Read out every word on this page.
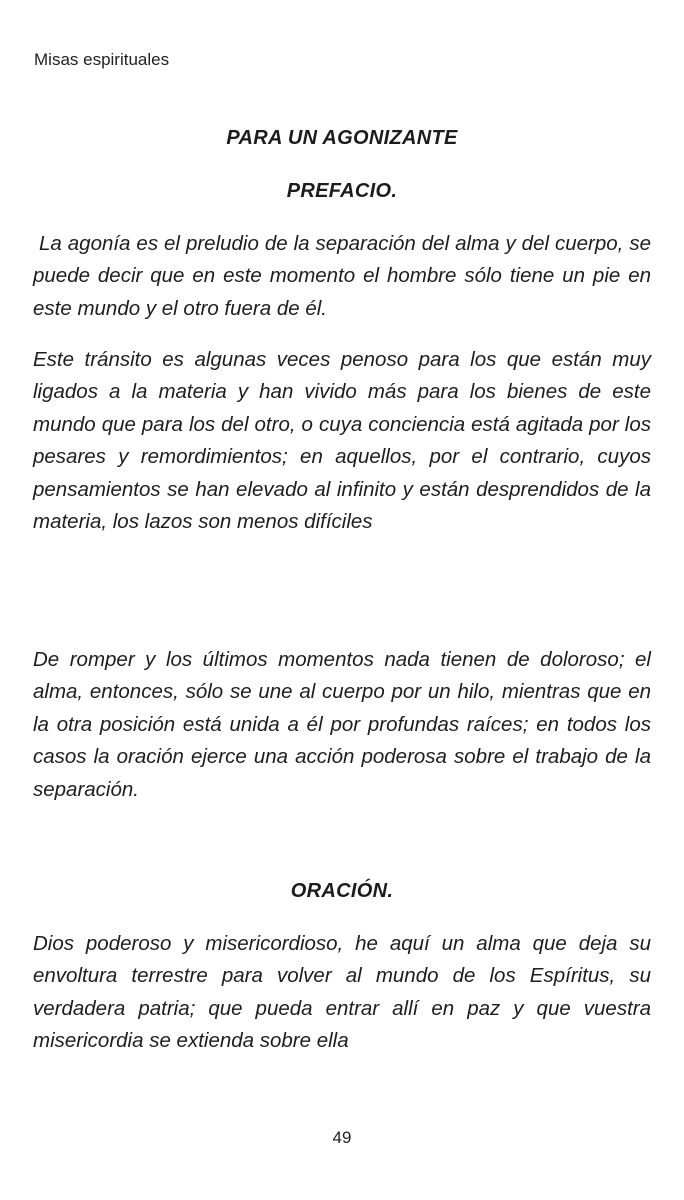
Misas espirituales
PARA UN AGONIZANTE
PREFACIO.
La agonía es el preludio de la separación del alma y del cuerpo, se puede decir que en este momento el hombre sólo tiene un pie en este mundo y el otro fuera de él.
Este tránsito es algunas veces penoso para los que están muy ligados a la materia y han vivido más para los bienes de este mundo que para los del otro, o cuya conciencia está agitada por los pesares y remordimientos; en aquellos, por el contrario, cuyos pensamientos se han elevado al infinito y están desprendidos de la materia, los lazos son menos difíciles
De romper y los últimos momentos nada tienen de doloroso; el alma, entonces, sólo se une al cuerpo por un hilo, mientras que en la otra posición está unida a él por profundas raíces; en todos los casos la oración ejerce una acción poderosa sobre el trabajo de la separación.
ORACIÓN.
Dios poderoso y misericordioso, he aquí un alma que deja su envoltura terrestre para volver al mundo de los Espíritus, su verdadera patria; que pueda entrar allí en paz y que vuestra misericordia se extienda sobre ella
49
